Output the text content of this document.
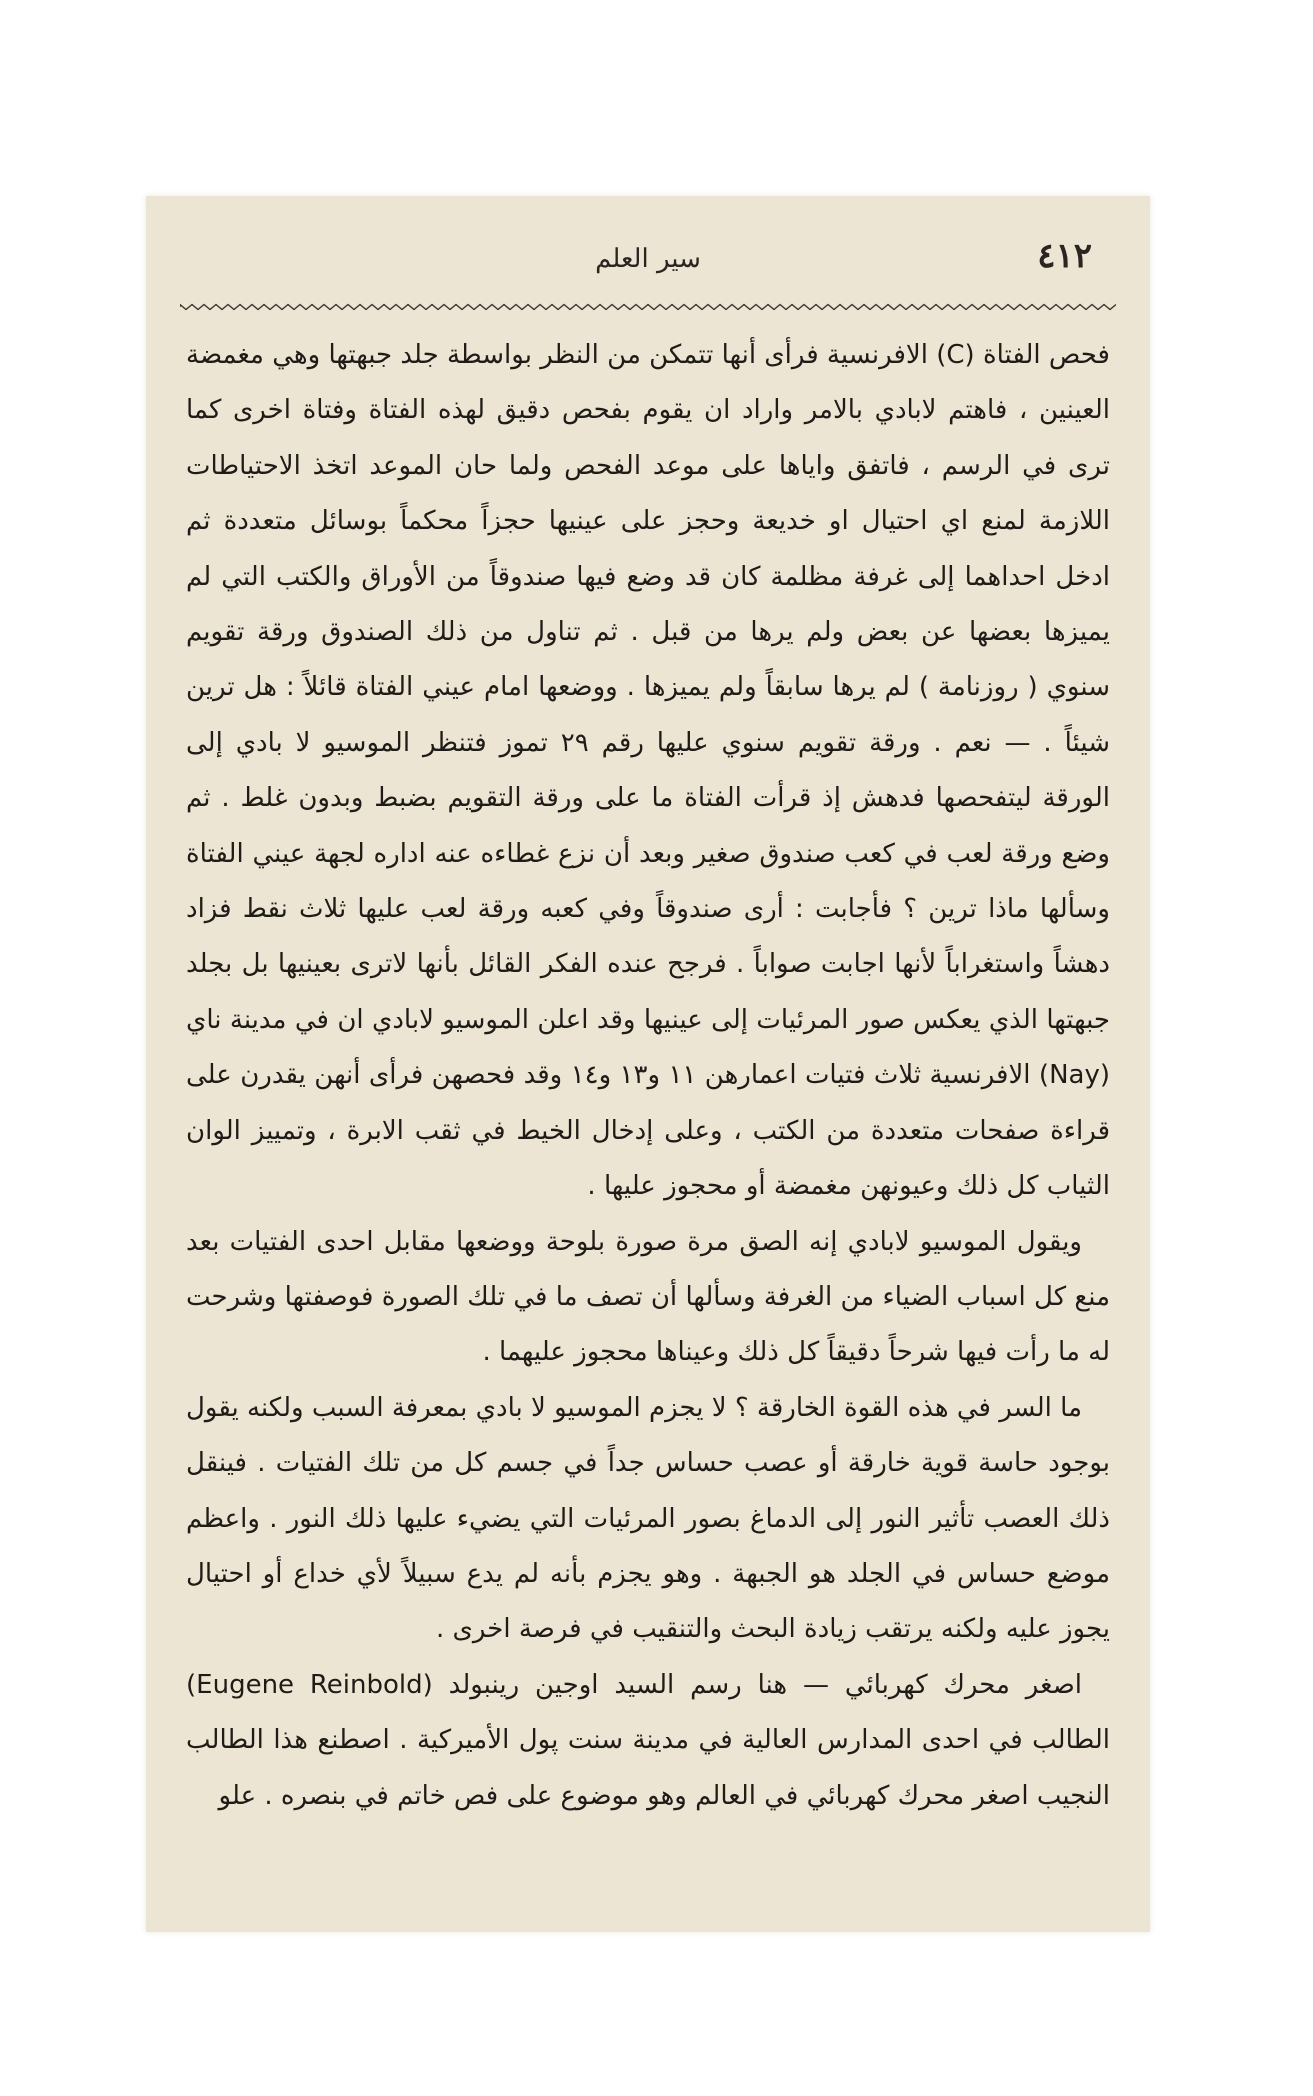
٤١٢
سير العلم

فحص الفتاة (C) الافرنسية فرأى أنها تتمكن من النظر بواسطة جلد جبهتها وهي مغمضة العينين ، فاهتم لابادي بالامر واراد ان يقوم بفحص دقيق لهذه الفتاة وفتاة اخرى كما ترى في الرسم ، فاتفق واياها على موعد الفحص ولما حان الموعد اتخذ الاحتياطات اللازمة لمنع اي احتيال او خديعة وحجز على عينيها حجزاً محكماً بوسائل متعددة ثم ادخل احداهما إلى غرفة مظلمة كان قد وضع فيها صندوقاً من الأوراق والكتب التي لم يميزها بعضها عن بعض ولم يرها من قبل . ثم تناول من ذلك الصندوق ورقة تقويم سنوي ( روزنامة ) لم يرها سابقاً ولم يميزها . ووضعها امام عيني الفتاة قائلاً : هل ترين شيئاً . — نعم . ورقة تقويم سنوي عليها رقم ٢٩ تموز فتنظر الموسيو لا بادي إلى الورقة ليتفحصها فدهش إذ قرأت الفتاة ما على ورقة التقويم بضبط وبدون غلط . ثم وضع ورقة لعب في كعب صندوق صغير وبعد أن نزع غطاءه عنه اداره لجهة عيني الفتاة وسألها ماذا ترين ؟ فأجابت : أرى صندوقاً وفي كعبه ورقة لعب عليها ثلاث نقط فزاد دهشاً واستغراباً لأنها اجابت صواباً . فرجح عنده الفكر القائل بأنها لاترى بعينيها بل بجلد جبهتها الذي يعكس صور المرئيات إلى عينيها وقد اعلن الموسيو لابادي ان في مدينة ناي (Nay) الافرنسية ثلاث فتيات اعمارهن ١١ و١٣ و١٤ وقد فحصهن فرأى أنهن يقدرن على قراءة صفحات متعددة من الكتب ، وعلى إدخال الخيط في ثقب الابرة ، وتمييز الوان الثياب كل ذلك وعيونهن مغمضة أو محجوز عليها .

ويقول الموسيو لابادي إنه الصق مرة صورة بلوحة ووضعها مقابل احدى الفتيات بعد منع كل اسباب الضياء من الغرفة وسألها أن تصف ما في تلك الصورة فوصفتها وشرحت له ما رأت فيها شرحاً دقيقاً كل ذلك وعيناها محجوز عليهما .

ما السر في هذه القوة الخارقة ؟ لا يجزم الموسيو لا بادي بمعرفة السبب ولكنه يقول بوجود حاسة قوية خارقة أو عصب حساس جداً في جسم كل من تلك الفتيات . فينقل ذلك العصب تأثير النور إلى الدماغ بصور المرئيات التي يضيء عليها ذلك النور . واعظم موضع حساس في الجلد هو الجبهة . وهو يجزم بأنه لم يدع سبيلاً لأي خداع أو احتيال يجوز عليه ولكنه يرتقب زيادة البحث والتنقيب في فرصة اخرى .

اصغر محرك كهربائي — هنا رسم السيد اوجين رينبولد (Eugene Reinbold) الطالب في احدى المدارس العالية في مدينة سنت پول الأميركية . اصطنع هذا الطالب النجيب اصغر محرك كهربائي في العالم وهو موضوع على فص خاتم في بنصره . علو
